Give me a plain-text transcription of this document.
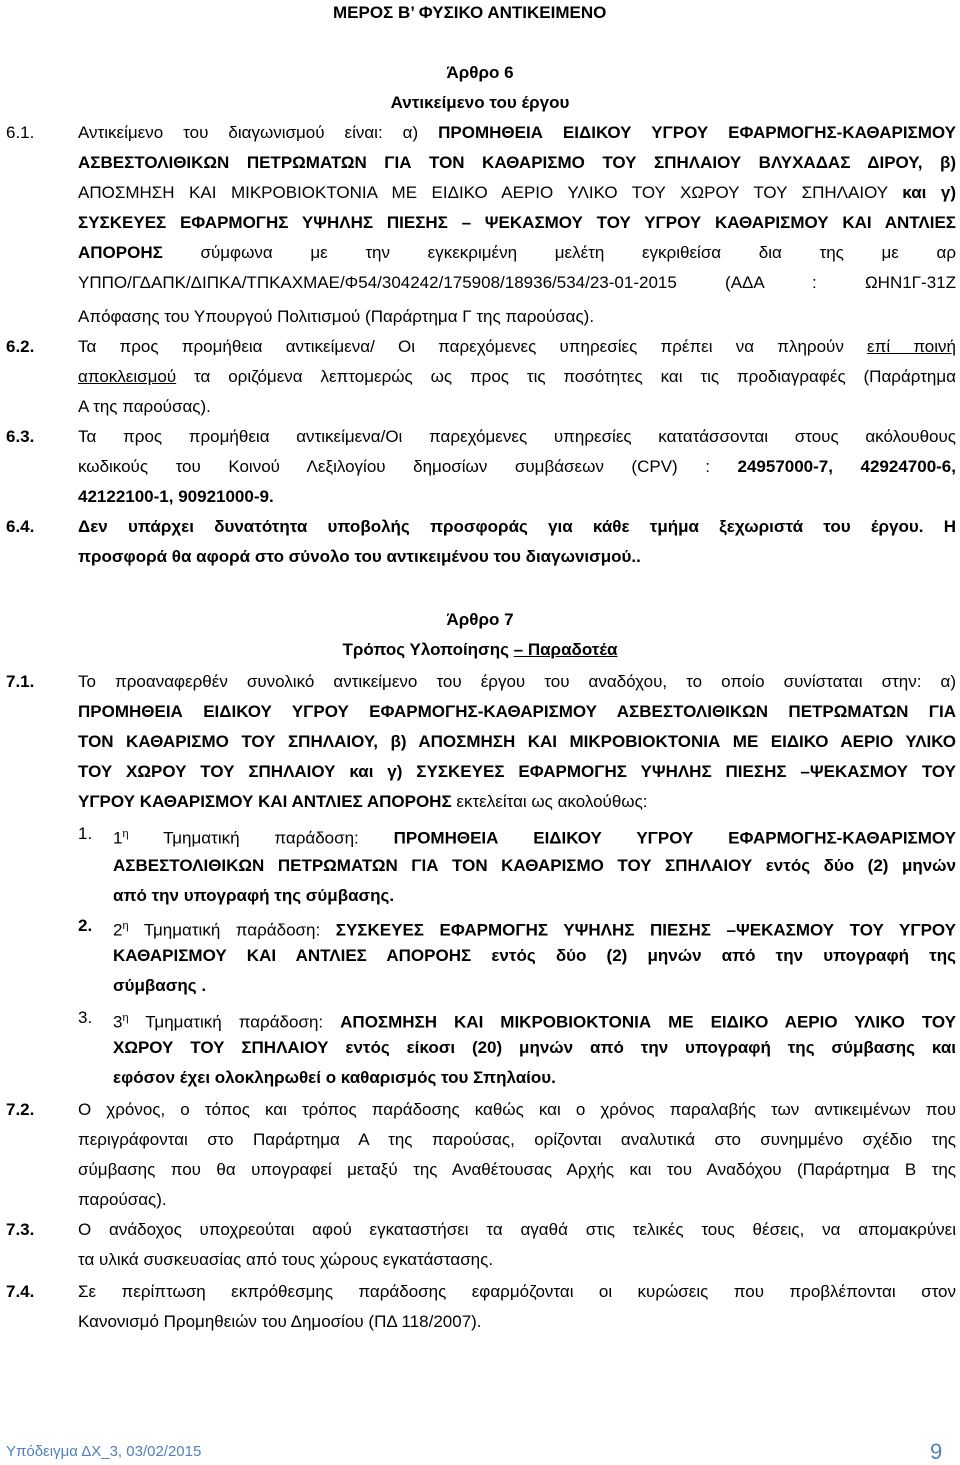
ΜΕΡΟΣ Β’ ΦΥΣΙΚΟ ΑΝΤΙΚΕΙΜΕΝΟ
Άρθρο 6
Αντικείμενο του έργου
6.1.	Αντικείμενο του διαγωνισμού είναι: α) ΠΡΟΜΗΘΕΙΑ ΕΙΔΙΚΟΥ ΥΓΡΟΥ ΕΦΑΡΜΟΓΗΣ-ΚΑΘΑΡΙΣΜΟΥ
ΑΣΒΕΣΤΟΛΙΘΙΚΩΝ ΠΕΤΡΩΜΑΤΩΝ ΓΙΑ ΤΟΝ ΚΑΘΑΡΙΣΜΟ ΤΟΥ ΣΠΗΛΑΙΟΥ ΒΛΥΧΑΔΑΣ ΔΙΡΟΥ, β)
ΑΠΟΣΜΗΣΗ ΚΑΙ ΜΙΚΡΟΒΙΟΚΤΟΝΙΑ ΜΕ ΕΙΔΙΚΟ ΑΕΡΙΟ ΥΛΙΚΟ ΤΟΥ ΧΩΡΟΥ ΤΟΥ ΣΠΗΛΑΙΟΥ και γ)
ΣΥΣΚΕΥΕΣ ΕΦΑΡΜΟΓΗΣ ΥΨΗΛΗΣ ΠΙΕΣΗΣ – ΨΕΚΑΣΜΟΥ ΤΟΥ ΥΓΡΟΥ ΚΑΘΑΡΙΣΜΟΥ ΚΑΙ ΑΝΤΛΙΕΣ
ΑΠΟΡΟΗΣ σύμφωνα με την εγκεκριμένη μελέτη εγκριθείσα δια της με αρ
ΥΠΠΟ/ΓΔΑΠΚ/ΔΙΠΚΑ/ΤΠΚΑΧΜΑΕ/Φ54/304242/175908/18936/534/23-01-2015 (ΑΔΑ : ΩΗΝ1Γ-31Ζ
Απόφασης του Υπουργού Πολιτισμού (Παράρτημα Γ της παρούσας).
6.2.	Τα προς προμήθεια αντικείμενα/ Οι παρεχόμενες υπηρεσίες πρέπει να πληρούν επί ποινή
αποκλεισμού τα οριζόμενα λεπτομερώς ως προς τις ποσότητες και τις προδιαγραφές (Παράρτημα
Α της παρούσας).
6.3.	Τα προς προμήθεια αντικείμενα/Οι παρεχόμενες υπηρεσίες κατατάσσονται στους ακόλουθους
κωδικούς του Κοινού Λεξιλογίου δημοσίων συμβάσεων (CPV) : 24957000-7, 42924700-6,
42122100-1, 90921000-9.
6.4.	Δεν υπάρχει δυνατότητα υποβολής προσφοράς για κάθε τμήμα ξεχωριστά του έργου. Η
προσφορά θα αφορά στο σύνολο του αντικειμένου του διαγωνισμού..
Άρθρο 7
Τρόπος Υλοποίησης – Παραδοτέα
7.1.	Το προαναφερθέν συνολικό αντικείμενο του έργου του αναδόχου, το οποίο συνίσταται στην: α)
ΠΡΟΜΗΘΕΙΑ ΕΙΔΙΚΟΥ ΥΓΡΟΥ ΕΦΑΡΜΟΓΗΣ-ΚΑΘΑΡΙΣΜΟΥ ΑΣΒΕΣΤΟΛΙΘΙΚΩΝ ΠΕΤΡΩΜΑΤΩΝ ΓΙΑ
ΤΟΝ ΚΑΘΑΡΙΣΜΟ ΤΟΥ ΣΠΗΛΑΙΟΥ, β) ΑΠΟΣΜΗΣΗ ΚΑΙ ΜΙΚΡΟΒΙΟΚΤΟΝΙΑ ΜΕ ΕΙΔΙΚΟ ΑΕΡΙΟ ΥΛΙΚΟ
ΤΟΥ ΧΩΡΟΥ ΤΟΥ ΣΠΗΛΑΙΟΥ και γ) ΣΥΣΚΕΥΕΣ ΕΦΑΡΜΟΓΗΣ ΥΨΗΛΗΣ ΠΙΕΣΗΣ –ΨΕΚΑΣΜΟΥ ΤΟΥ
ΥΓΡΟΥ ΚΑΘΑΡΙΣΜΟΥ ΚΑΙ ΑΝΤΛΙΕΣ ΑΠΟΡΟΗΣ εκτελείται ως ακολούθως:
1. $1^\eta$ Τμηματική παράδοση: ΠΡΟΜΗΘΕΙΑ ΕΙΔΙΚΟΥ ΥΓΡΟΥ ΕΦΑΡΜΟΓΗΣ-ΚΑΘΑΡΙΣΜΟΥ
ΑΣΒΕΣΤΟΛΙΘΙΚΩΝ ΠΕΤΡΩΜΑΤΩΝ ΓΙΑ ΤΟΝ ΚΑΘΑΡΙΣΜΟ ΤΟΥ ΣΠΗΛΑΙΟΥ εντός δύο (2) μηνών
από την υπογραφή της σύμβασης.
2. $2^\eta$ Τμηματική παράδοση: ΣΥΣΚΕΥΕΣ ΕΦΑΡΜΟΓΗΣ ΥΨΗΛΗΣ ΠΙΕΣΗΣ –ΨΕΚΑΣΜΟΥ ΤΟΥ ΥΓΡΟΥ
ΚΑΘΑΡΙΣΜΟΥ ΚΑΙ ΑΝΤΛΙΕΣ ΑΠΟΡΟΗΣ εντός δύο (2) μηνών από την υπογραφή της
σύμβασης .
3. $3^\eta$ Τμηματική παράδοση: ΑΠΟΣΜΗΣΗ ΚΑΙ ΜΙΚΡΟΒΙΟΚΤΟΝΙΑ ΜΕ ΕΙΔΙΚΟ ΑΕΡΙΟ ΥΛΙΚΟ ΤΟΥ
ΧΩΡΟΥ ΤΟΥ ΣΠΗΛΑΙΟΥ εντός είκοσι (20) μηνών από την υπογραφή της σύμβασης και
εφόσον έχει ολοκληρωθεί ο καθαρισμός του Σπηλαίου.
7.2.	Ο χρόνος, ο τόπος και τρόπος παράδοσης καθώς και ο χρόνος παραλαβής των αντικειμένων που
περιγράφονται στο Παράρτημα Α της παρούσας, ορίζονται αναλυτικά στο συνημμένο σχέδιο της
σύμβασης που θα υπογραφεί μεταξύ της Αναθέτουσας Αρχής και του Αναδόχου (Παράρτημα Β της
παρούσας).
7.3.	Ο ανάδοχος υποχρεούται αφού εγκαταστήσει τα αγαθά στις τελικές τους θέσεις, να απομακρύνει
τα υλικά συσκευασίας από τους χώρους εγκατάστασης.
7.4.	Σε περίπτωση εκπρόθεσμης παράδοσης εφαρμόζονται οι κυρώσεις που προβλέπονται στον
Κανονισμό Προμηθειών του Δημοσίου (ΠΔ 118/2007).
Υπόδειγμα ΔΧ_3, 03/02/2015	9
